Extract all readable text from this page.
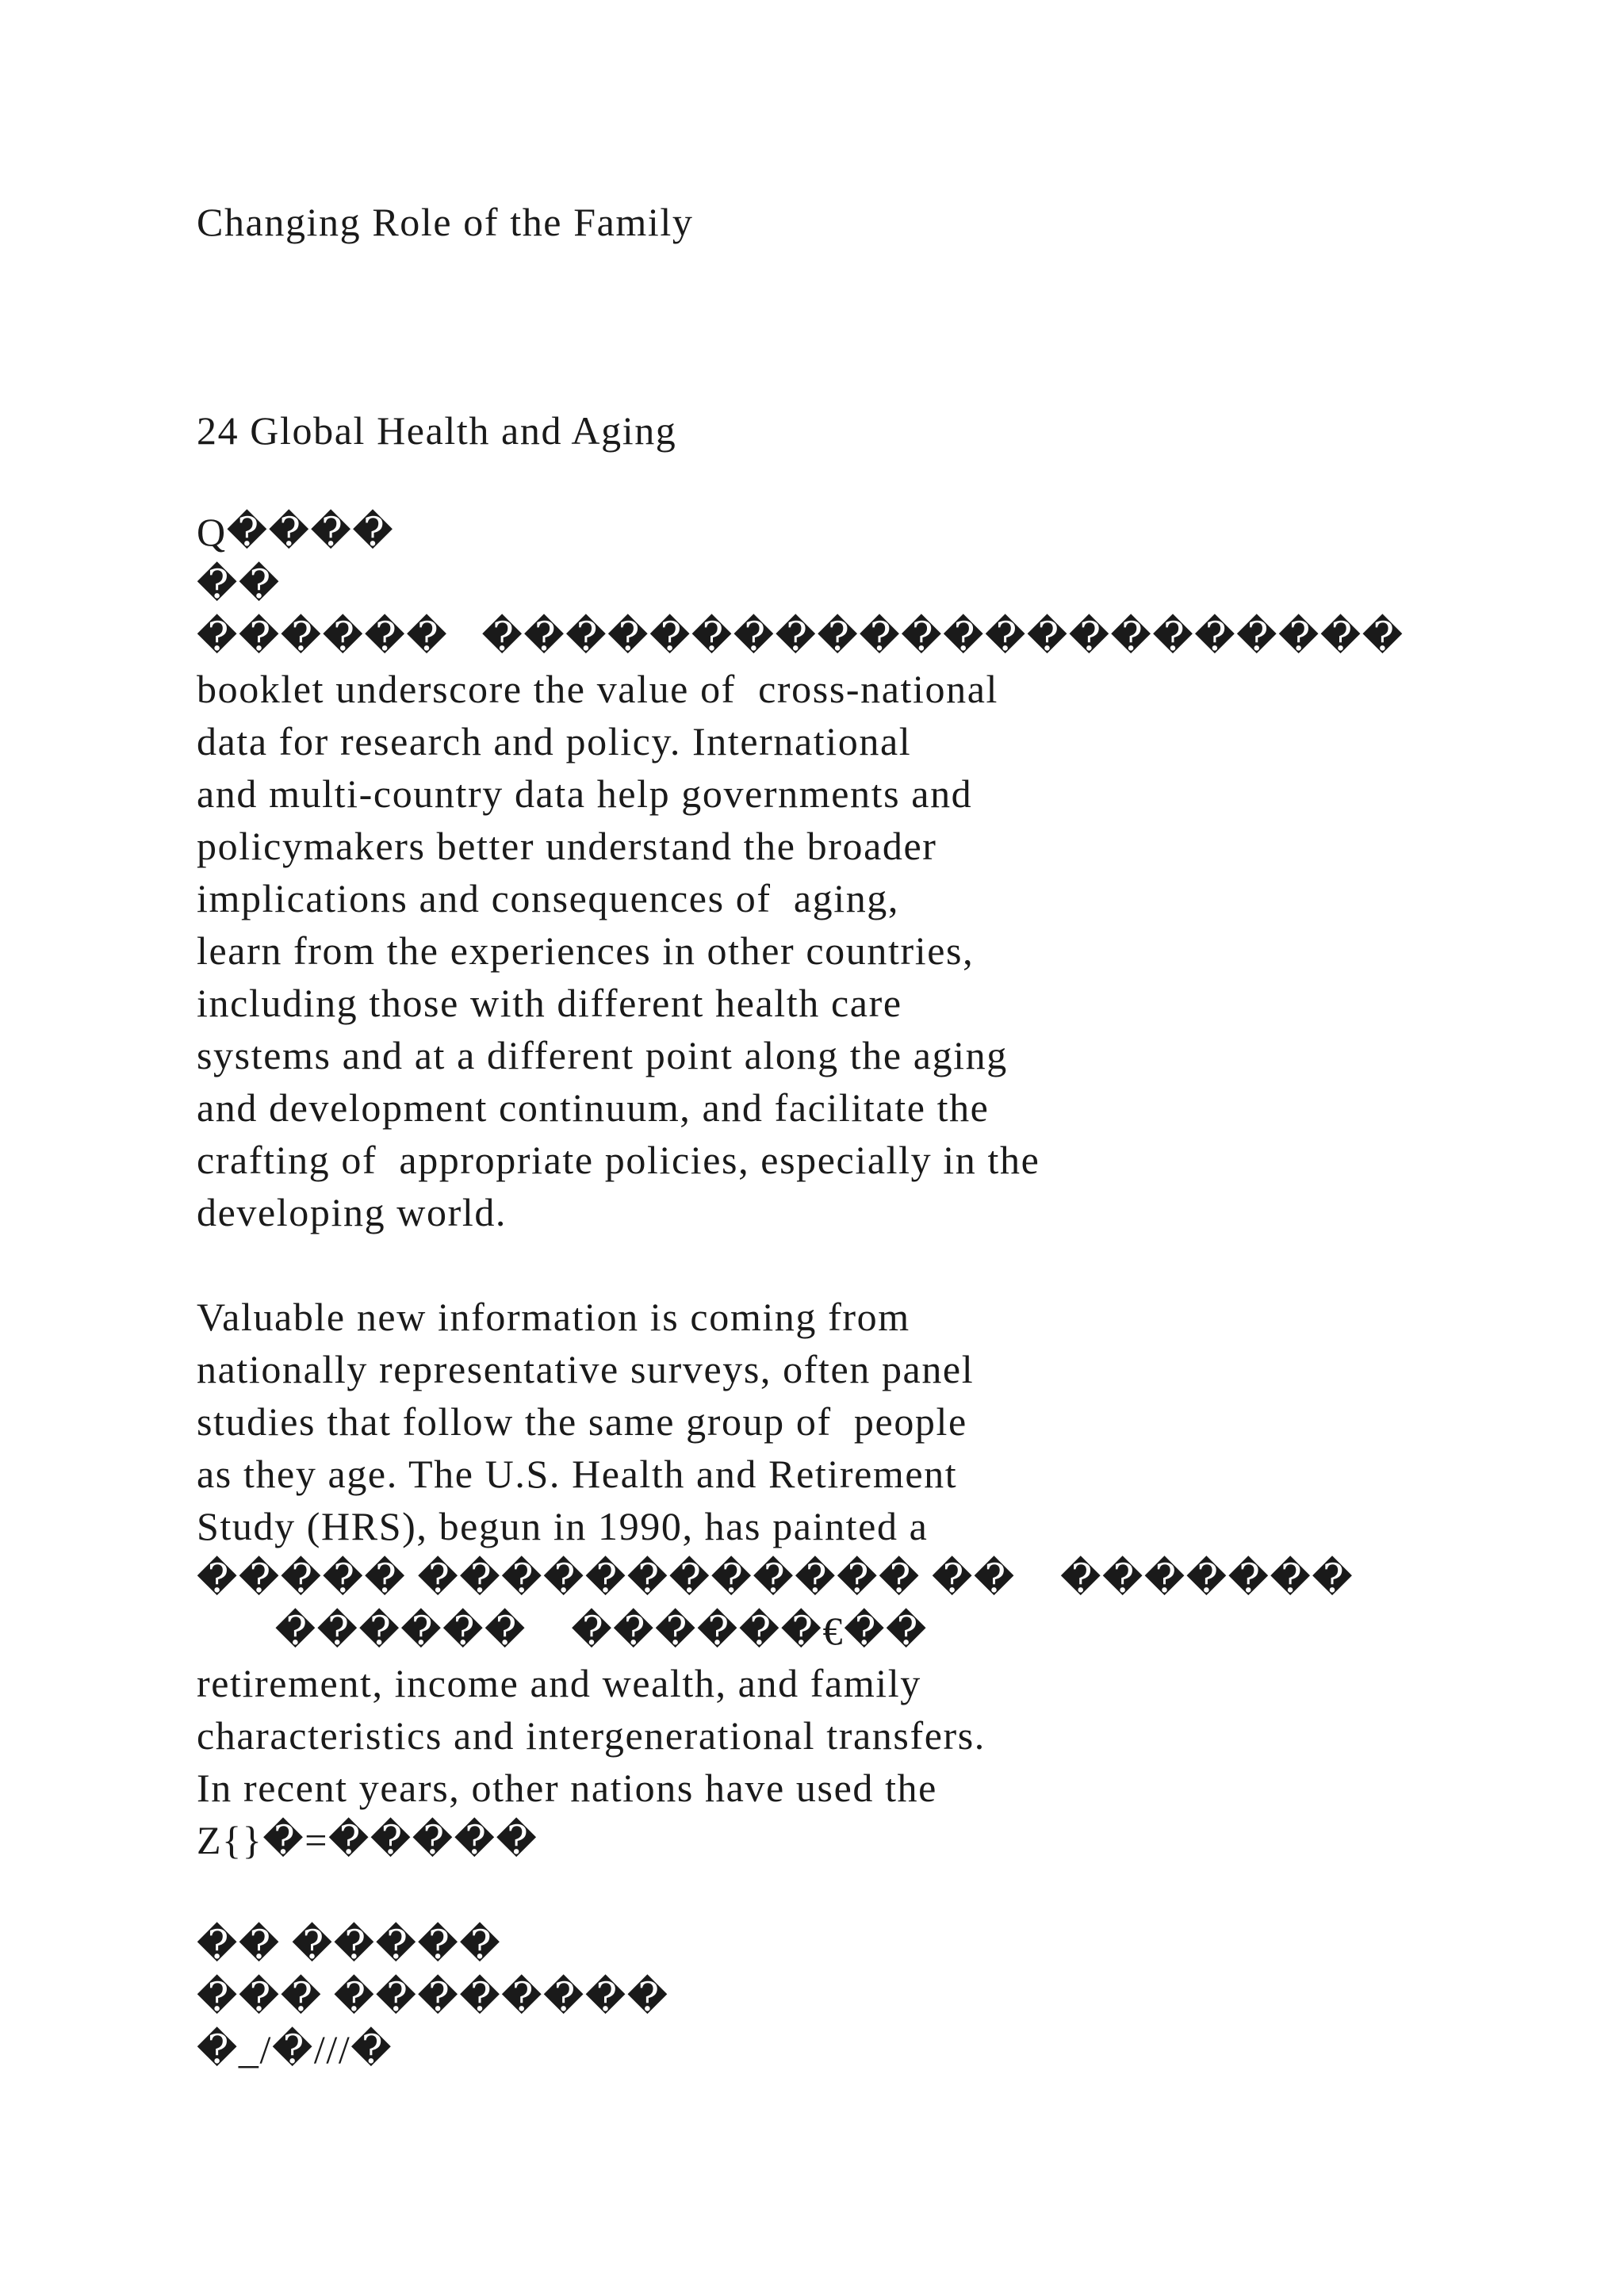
Changing Role of the Family
24 Global Health and Aging
Q����
��
������   ����������������������
booklet underscore the value of  cross-national
data for research and policy. International
and multi-country data help governments and
policymakers better understand the broader
implications and consequences of  aging,
learn from the experiences in other countries,
including those with different health care
systems and at a different point along the aging
and development continuum, and facilitate the
crafting of  appropriate policies, especially in the
developing world.
Valuable new information is coming from
nationally representative surveys, often panel
studies that follow the same group of  people
as they age. The U.S. Health and Retirement
Study (HRS), begun in 1990, has painted a
����� ������������ ��    �������
������    ������€��
retirement, income and wealth, and family
characteristics and intergenerational transfers.
In recent years, other nations have used the
Z{}�=�����
�� �����
��� ��������
�_/�///�
